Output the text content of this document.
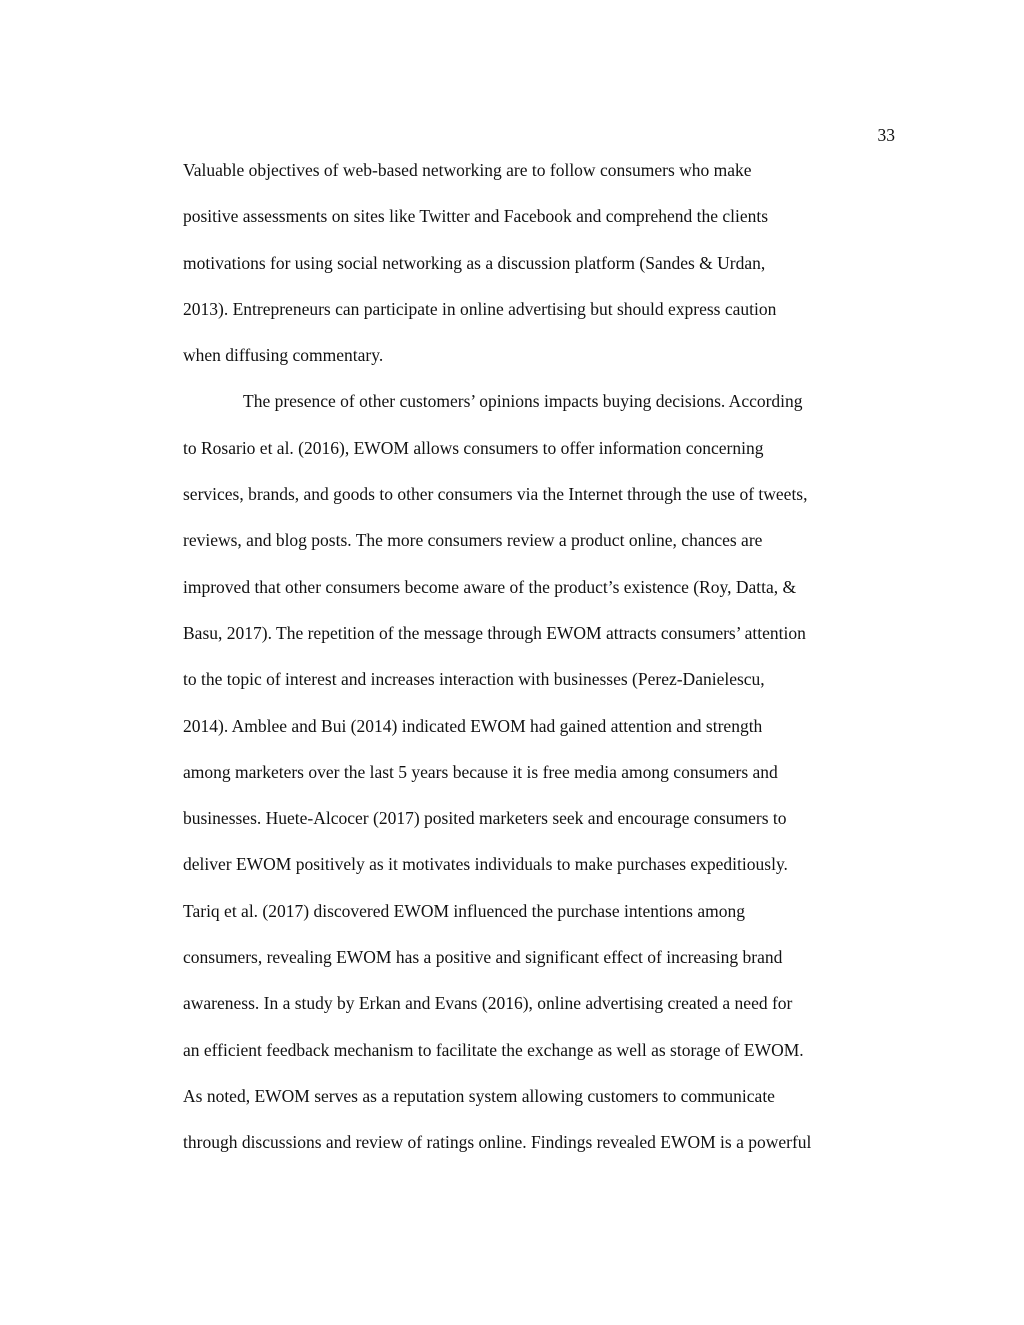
33
Valuable objectives of web-based networking are to follow consumers who make
positive assessments on sites like Twitter and Facebook and comprehend the clients
motivations for using social networking as a discussion platform (Sandes & Urdan,
2013). Entrepreneurs can participate in online advertising but should express caution
when diffusing commentary.
The presence of other customers’ opinions impacts buying decisions. According
to Rosario et al. (2016), EWOM allows consumers to offer information concerning
services, brands, and goods to other consumers via the Internet through the use of tweets,
reviews, and blog posts. The more consumers review a product online, chances are
improved that other consumers become aware of the product’s existence (Roy, Datta, &
Basu, 2017). The repetition of the message through EWOM attracts consumers’ attention
to the topic of interest and increases interaction with businesses (Perez-Danielescu,
2014). Amblee and Bui (2014) indicated EWOM had gained attention and strength
among marketers over the last 5 years because it is free media among consumers and
businesses. Huete-Alcocer (2017) posited marketers seek and encourage consumers to
deliver EWOM positively as it motivates individuals to make purchases expeditiously.
Tariq et al. (2017) discovered EWOM influenced the purchase intentions among
consumers, revealing EWOM has a positive and significant effect of increasing brand
awareness. In a study by Erkan and Evans (2016), online advertising created a need for
an efficient feedback mechanism to facilitate the exchange as well as storage of EWOM.
As noted, EWOM serves as a reputation system allowing customers to communicate
through discussions and review of ratings online. Findings revealed EWOM is a powerful
